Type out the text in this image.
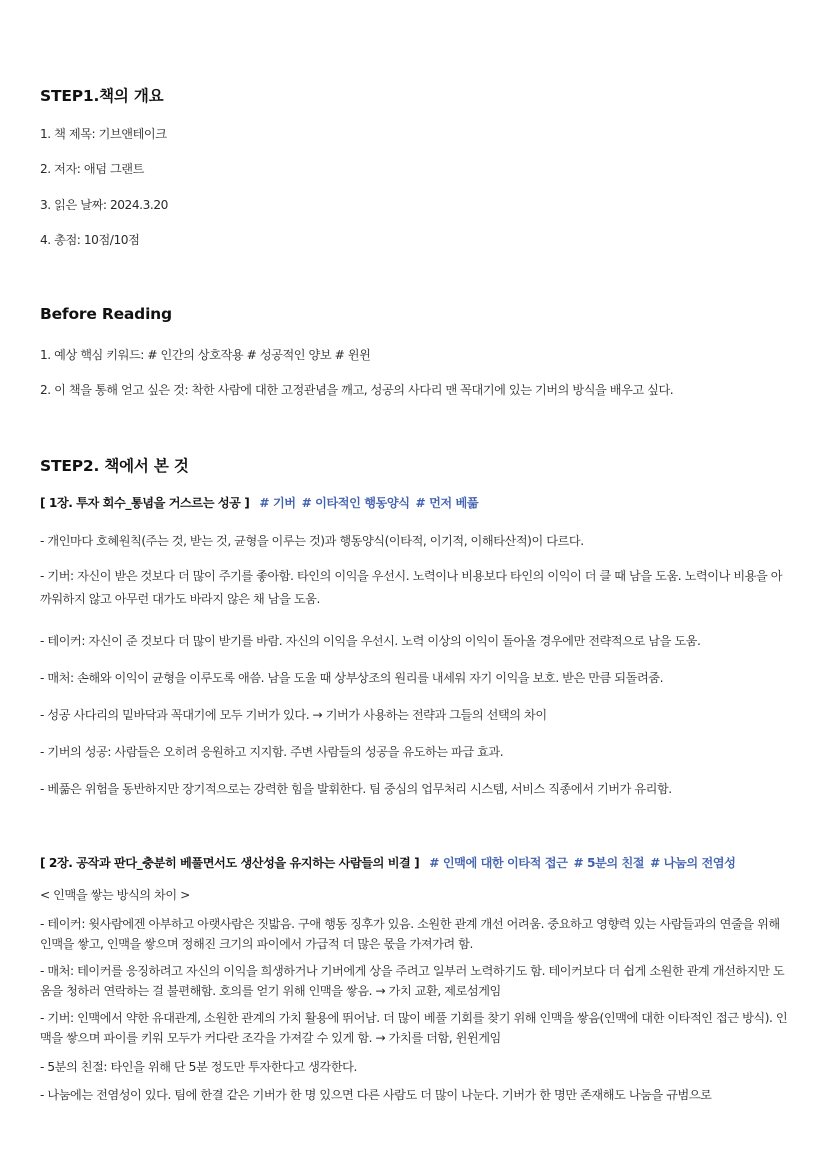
STEP1.책의 개요
1. 책 제목: 기브앤테이크
2. 저자: 애덤 그랜트
3. 읽은 날짜: 2024.3.20
4. 총점: 10점/10점
Before Reading
1. 예상 핵심 키워드: # 인간의 상호작용 # 성공적인 양보 # 윈윈
2. 이 책을 통해 얻고 싶은 것: 착한 사람에 대한 고정관념을 깨고, 성공의 사다리 맨 꼭대기에 있는 기버의 방식을 배우고 싶다.
STEP2. 책에서 본 것
[ 1장. 투자 회수_통념을 거스르는 성공 ] # 기버 # 이타적인 행동양식 # 먼저 베풂
- 개인마다 호혜원칙(주는 것, 받는 것, 균형을 이루는 것)과 행동양식(이타적, 이기적, 이해타산적)이 다르다.
- 기버: 자신이 받은 것보다 더 많이 주기를 좋아함. 타인의 이익을 우선시. 노력이나 비용보다 타인의 이익이 더 클 때 남을 도움. 노력이나 비용을 아까워하지 않고 아무런 대가도 바라지 않은 채 남을 도움.
- 테이커: 자신이 준 것보다 더 많이 받기를 바람. 자신의 이익을 우선시. 노력 이상의 이익이 돌아올 경우에만 전략적으로 남을 도움.
- 매처: 손해와 이익이 균형을 이루도록 애씀. 남을 도울 때 상부상조의 원리를 내세워 자기 이익을 보호. 받은 만큼 되돌려줌.
- 성공 사다리의 밑바닥과 꼭대기에 모두 기버가 있다. → 기버가 사용하는 전략과 그들의 선택의 차이
- 기버의 성공: 사람들은 오히려 응원하고 지지함. 주변 사람들의 성공을 유도하는 파급 효과.
- 베풂은 위험을 동반하지만 장기적으로는 강력한 힘을 발휘한다. 팀 중심의 업무처리 시스템, 서비스 직종에서 기버가 유리함.
[ 2장. 공작과 판다_충분히 베풀면서도 생산성을 유지하는 사람들의 비결 ] # 인맥에 대한 이타적 접근 # 5분의 친절 # 나눔의 전염성
< 인맥을 쌓는 방식의 차이 >
- 테이커: 윗사람에겐 아부하고 아랫사람은 짓밟음. 구애 행동 징후가 있음. 소원한 관계 개선 어려움. 중요하고 영향력 있는 사람들과의 연줄을 위해 인맥을 쌓고, 인맥을 쌓으며 정해진 크기의 파이에서 가급적 더 많은 몫을 가져가려 함.
- 매처: 테이커를 응징하려고 자신의 이익을 희생하거나 기버에게 상을 주려고 일부러 노력하기도 함. 테이커보다 더 쉽게 소원한 관계 개선하지만 도움을 청하러 연락하는 걸 불편해함. 호의를 얻기 위해 인맥을 쌓음. → 가치 교환, 제로섬게임
- 기버: 인맥에서 약한 유대관계, 소원한 관계의 가치 활용에 뛰어남. 더 많이 베풀 기회를 찾기 위해 인맥을 쌓음(인맥에 대한 이타적인 접근 방식). 인맥을 쌓으며 파이를 키워 모두가 커다란 조각을 가져갈 수 있게 함. → 가치를 더함, 윈윈게임
- 5분의 친절: 타인을 위해 단 5분 정도만 투자한다고 생각한다.
- 나눔에는 전염성이 있다. 팀에 한결 같은 기버가 한 명 있으면 다른 사람도 더 많이 나눈다. 기버가 한 명만 존재해도 나눔을 규범으로
